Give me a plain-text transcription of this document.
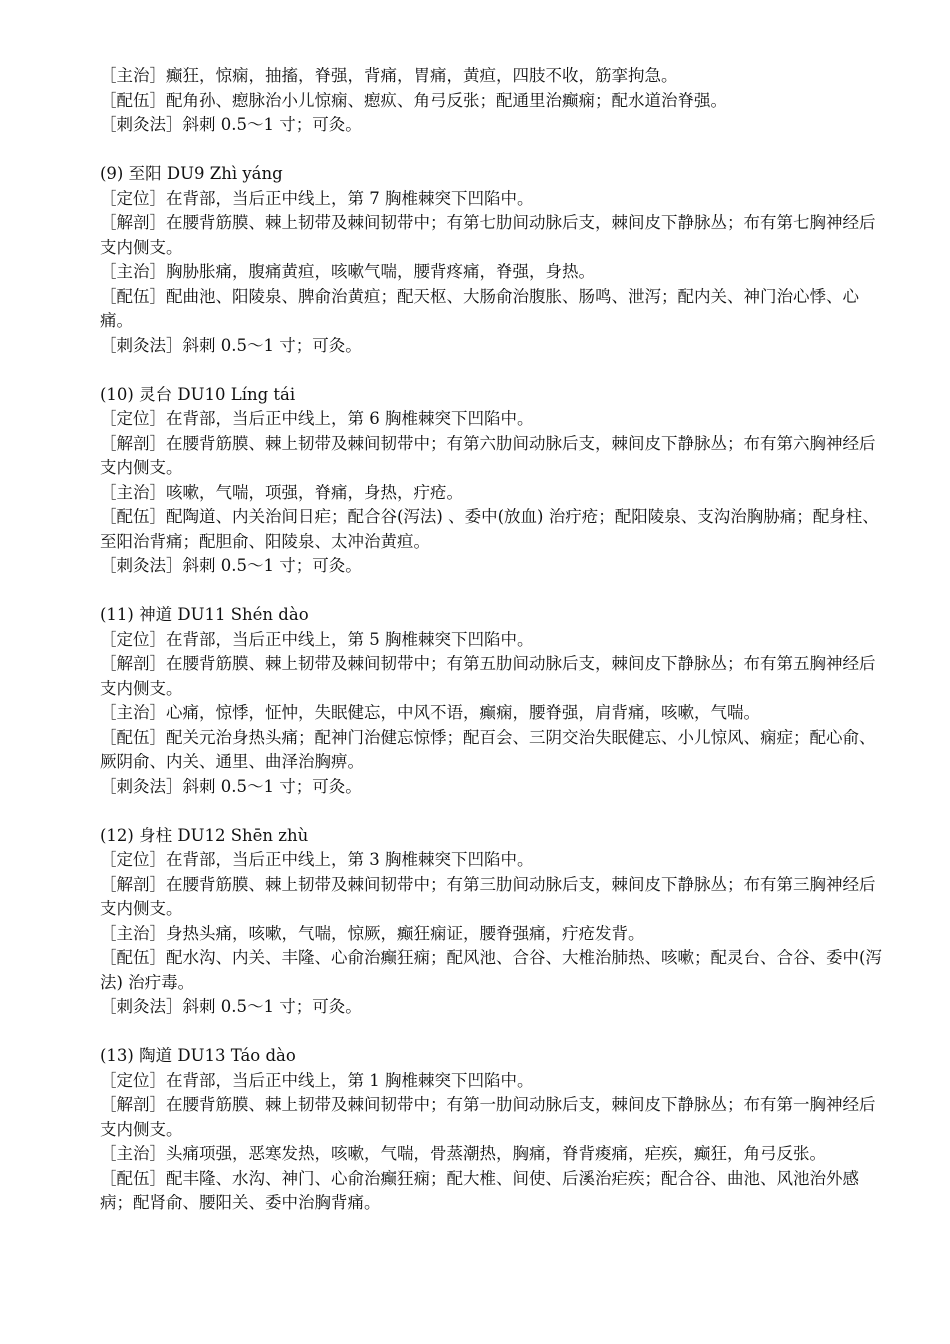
［主治］癫狂，惊痫，抽搐，脊强，背痛，胃痛，黄疸，四肢不收，筋挛拘急。
［配伍］配角孙、瘛脉治小儿惊痫、瘛疭、角弓反张；配通里治癫痫；配水道治脊强。
［刺灸法］斜刺 0.5～1 寸；可灸。
(9) 至阳 DU9 Zhì yáng
［定位］在背部，当后正中线上，第 7 胸椎棘突下凹陷中。
［解剖］在腰背筋膜、棘上韧带及棘间韧带中；有第七肋间动脉后支，棘间皮下静脉丛；布有第七胸神经后支内侧支。
［主治］胸胁胀痛，腹痛黄疸，咳嗽气喘，腰背疼痛，脊强，身热。
［配伍］配曲池、阳陵泉、脾俞治黄疸；配天枢、大肠俞治腹胀、肠鸣、泄泻；配内关、神门治心悸、心痛。
［刺灸法］斜刺 0.5～1 寸；可灸。
(10) 灵台 DU10 Líng tái
［定位］在背部，当后正中线上，第 6 胸椎棘突下凹陷中。
［解剖］在腰背筋膜、棘上韧带及棘间韧带中；有第六肋间动脉后支，棘间皮下静脉丛；布有第六胸神经后支内侧支。
［主治］咳嗽，气喘，项强，脊痛，身热，疔疮。
［配伍］配陶道、内关治间日疟；配合谷(泻法) 、委中(放血) 治疔疮；配阳陵泉、支沟治胸胁痛；配身柱、至阳治背痛；配胆俞、阳陵泉、太冲治黄疸。
［刺灸法］斜刺 0.5～1 寸；可灸。
(11) 神道 DU11 Shén dào
［定位］在背部，当后正中线上，第 5 胸椎棘突下凹陷中。
［解剖］在腰背筋膜、棘上韧带及棘间韧带中；有第五肋间动脉后支，棘间皮下静脉丛；布有第五胸神经后支内侧支。
［主治］心痛，惊悸，怔忡，失眠健忘，中风不语，癫痫，腰脊强，肩背痛，咳嗽，气喘。
［配伍］配关元治身热头痛；配神门治健忘惊悸；配百会、三阴交治失眠健忘、小儿惊风、痫症；配心俞、厥阴俞、内关、通里、曲泽治胸痹。
［刺灸法］斜刺 0.5～1 寸；可灸。
(12) 身柱 DU12 Shēn zhù
［定位］在背部，当后正中线上，第 3 胸椎棘突下凹陷中。
［解剖］在腰背筋膜、棘上韧带及棘间韧带中；有第三肋间动脉后支，棘间皮下静脉丛；布有第三胸神经后支内侧支。
［主治］身热头痛，咳嗽，气喘，惊厥，癫狂痫证，腰脊强痛，疔疮发背。
［配伍］配水沟、内关、丰隆、心俞治癫狂痫；配风池、合谷、大椎治肺热、咳嗽；配灵台、合谷、委中(泻法) 治疔毒。
［刺灸法］斜刺 0.5～1 寸；可灸。
(13) 陶道 DU13 Táo dào
［定位］在背部，当后正中线上，第 1 胸椎棘突下凹陷中。
［解剖］在腰背筋膜、棘上韧带及棘间韧带中；有第一肋间动脉后支，棘间皮下静脉丛；布有第一胸神经后支内侧支。
［主治］头痛项强，恶寒发热，咳嗽，气喘，骨蒸潮热，胸痛，脊背痠痛，疟疾，癫狂，角弓反张。
［配伍］配丰隆、水沟、神门、心俞治癫狂痫；配大椎、间使、后溪治疟疾；配合谷、曲池、风池治外感病；配肾俞、腰阳关、委中治胸背痛。
